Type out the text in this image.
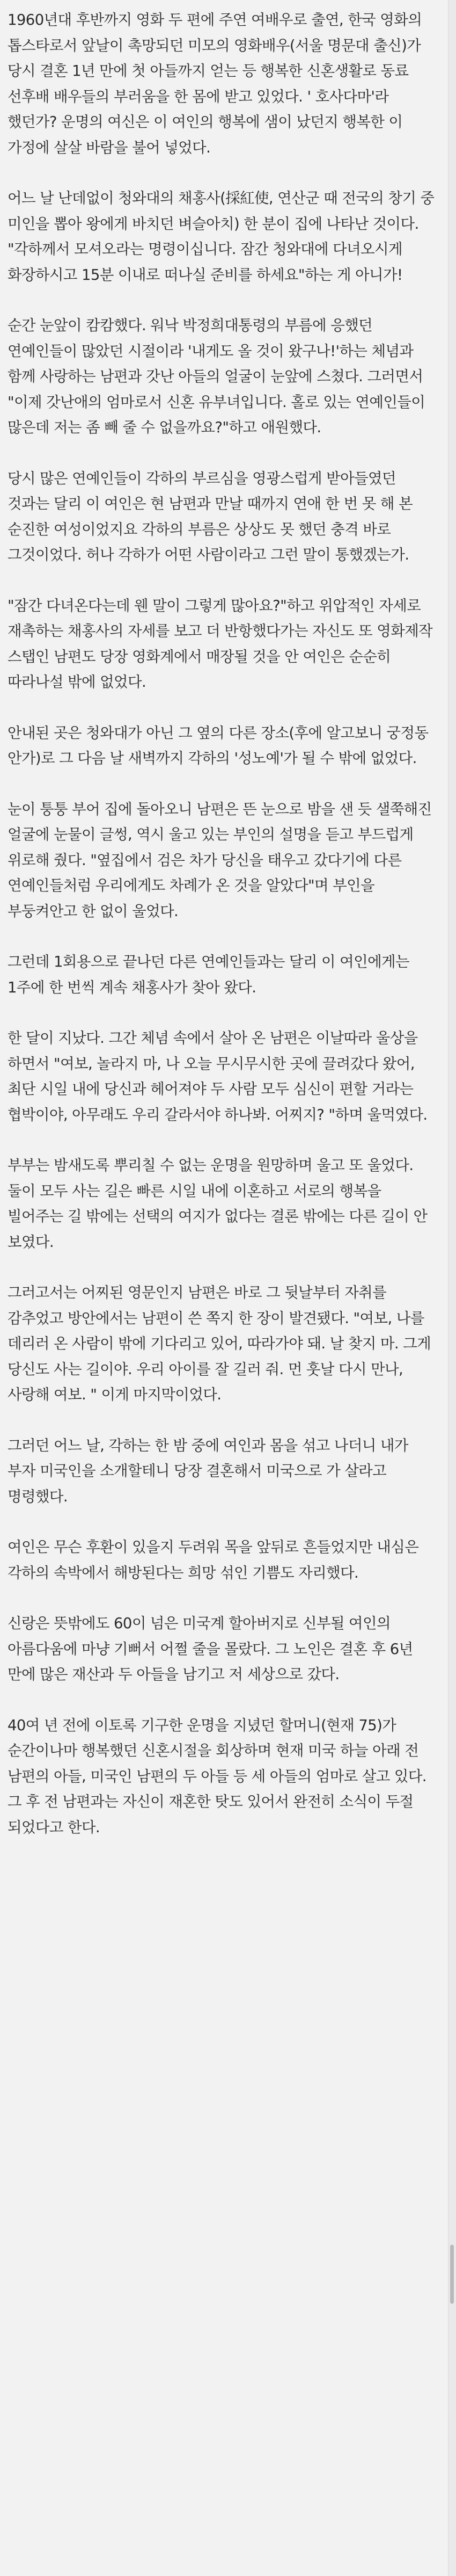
1960년대 후반까지 영화 두 편에 주연 여배우로 출연, 한국 영화의 톱스타로서 앞날이 촉망되던 미모의 영화배우(서울 명문대 출신)가 당시 결혼 1년 만에 첫 아들까지 얻는 등 행복한 신혼생활로 동료 선후배 배우들의 부러움을 한 몸에 받고 있었다. ' 호사다마'라 했던가? 운명의 여신은 이 여인의 행복에 샘이 났던지 행복한 이 가정에 살살 바람을 불어 넣었다.

어느 날 난데없이 청와대의 채홍사(採紅使, 연산군 때 전국의 창기 중 미인을 뽑아 왕에게 바치던 벼슬아치) 한 분이 집에 나타난 것이다. "각하께서 모셔오라는 명령이십니다. 잠간 청와대에 다녀오시게 화장하시고 15분 이내로 떠나실 준비를 하세요"하는 게 아니가!

순간 눈앞이 캄캄했다. 워낙 박정희대통령의 부름에 응했던 연예인들이 많았던 시절이라 '내게도 올 것이 왔구나!'하는 체념과 함께 사랑하는 남편과 갓난 아들의 얼굴이 눈앞에 스쳤다. 그러면서 "이제 갓난애의 엄마로서 신혼 유부녀입니다. 홀로 있는 연예인들이 많은데 저는 좀 빼 줄 수 없을까요?"하고 애원했다.

당시 많은 연예인들이 각하의 부르심을 영광스럽게 받아들였던 것과는 달리 이 여인은 현 남편과 만날 때까지 연애 한 번 못 해 본 순진한 여성이었지요 각하의 부름은 상상도 못 했던 충격 바로 그것이었다. 허나 각하가 어떤 사람이라고 그런 말이 통했겠는가.

"잠간 다녀온다는데 웬 말이 그렇게 많아요?"하고 위압적인 자세로 재촉하는 채홍사의 자세를 보고 더 반항했다가는 자신도 또 영화제작 스탭인 남편도 당장 영화계에서 매장될 것을 안 여인은 순순히 따라나설 밖에 없었다.

안내된 곳은 청와대가 아닌 그 옆의 다른 장소(후에 알고보니 궁정동 안가)로 그 다음 날 새벽까지 각하의 '성노예'가 될 수 밖에 없었다.

눈이 퉁퉁 부어 집에 돌아오니 남편은 뜬 눈으로 밤을 샌 듯 샐쭉해진 얼굴에 눈물이 글썽, 역시 울고 있는 부인의 설명을 듣고 부드럽게 위로해 줬다. "옆집에서 검은 차가 당신을 태우고 갔다기에 다른 연예인들처럼 우리에게도 차례가 온 것을 알았다"며 부인을 부둥켜안고 한 없이 울었다.

그런데 1회용으로 끝나던 다른 연예인들과는 달리 이 여인에게는 1주에 한 번씩 계속 채홍사가 찾아 왔다.

한 달이 지났다. 그간 체념 속에서 살아 온 남편은 이날따라 울상을 하면서 "여보, 놀라지 마, 나 오늘 무시무시한 곳에 끌려갔다 왔어, 최단 시일 내에 당신과 헤어져야 두 사람 모두 심신이 편할 거라는 협박이야, 아무래도 우리 갈라서야 하나봐. 어찌지? "하며 울먹였다.

부부는 밤새도록 뿌리칠 수 없는 운명을 원망하며 울고 또 울었다. 둘이 모두 사는 길은 빠른 시일 내에 이혼하고 서로의 행복을 빌어주는 길 밖에는 선택의 여지가 없다는 결론 밖에는 다른 길이 안 보였다.

그러고서는 어찌된 영문인지 남편은 바로 그 뒷날부터 자취를 감추었고 방안에서는 남편이 쓴 쪽지 한 장이 발견됐다. "여보, 나를 데리러 온 사람이 밖에 기다리고 있어, 따라가야 돼. 날 찾지 마. 그게 당신도 사는 길이야. 우리 아이를 잘 길러 줘. 먼 훗날 다시 만나, 사랑해 여보. " 이게 마지막이었다.

그러던 어느 날, 각하는 한 밤 중에 여인과 몸을 섞고 나더니 내가 부자 미국인을 소개할테니 당장 결혼해서 미국으로 가 살라고 명령했다.

여인은 무슨 후환이 있을지 두려워 목을 앞뒤로 흔들었지만 내심은 각하의 속박에서 해방된다는 희망 섞인 기쁨도 자리했다.

신랑은 뜻밖에도 60이 넘은 미국계 할아버지로 신부될 여인의 아름다움에 마냥 기뻐서 어쩔 줄을 몰랐다. 그 노인은 결혼 후 6년 만에 많은 재산과 두 아들을 남기고 저 세상으로 갔다.

40여 년 전에 이토록 기구한 운명을 지녔던 할머니(현재 75)가 순간이나마 행복했던 신혼시절을 회상하며 현재 미국 하늘 아래 전 남편의 아들, 미국인 남편의 두 아들 등 세 아들의 엄마로 살고 있다. 그 후 전 남편과는 자신이 재혼한 탓도 있어서 완전히 소식이 두절 되었다고 한다.
